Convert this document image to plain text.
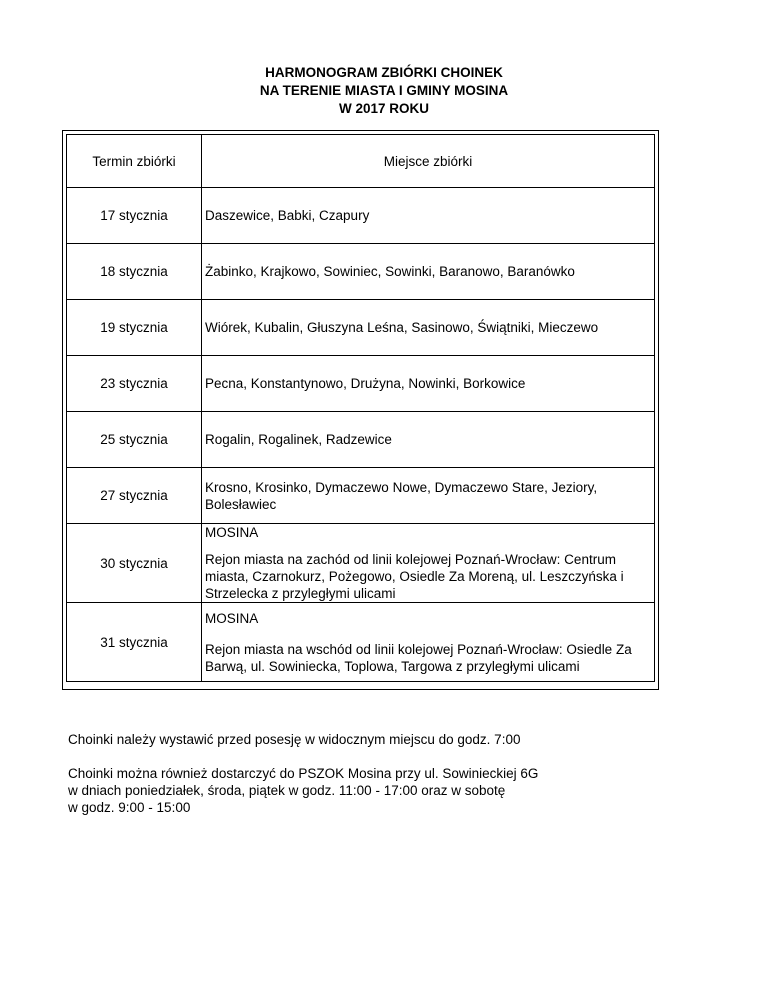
HARMONOGRAM ZBIÓRKI CHOINEK
NA TERENIE MIASTA I GMINY MOSINA
W 2017 ROKU
Termin zbiórki	Miejsce zbiórki
17 stycznia	Daszewice, Babki, Czapury
18 stycznia	Żabinko, Krajkowo, Sowiniec, Sowinki, Baranowo, Baranówko
19 stycznia	Wiórek, Kubalin, Głuszyna Leśna, Sasinowo, Świątniki, Mieczewo
23 stycznia	Pecna, Konstantynowo, Drużyna, Nowinki, Borkowice
25 stycznia	Rogalin, Rogalinek, Radzewice
27 stycznia	Krosno, Krosinko, Dymaczewo Nowe, Dymaczewo Stare, Jeziory, Bolesławiec
30 stycznia	MOSINA
Rejon miasta na zachód od linii kolejowej Poznań-Wrocław: Centrum miasta, Czarnokurz, Pożegowo, Osiedle Za Moreną, ul. Leszczyńska i Strzelecka z przyległymi ulicami

31 stycznia	MOSINA
Rejon miasta na wschód od linii kolejowej Poznań-Wrocław: Osiedle Za Barwą, ul. Sowiniecka, Toplowa, Targowa z przyległymi ulicami
Choinki należy wystawić przed posesję w widocznym miejscu do godz. 7:00
Choinki można również dostarczyć do PSZOK Mosina przy ul. Sowinieckiej 6G
w dniach poniedziałek, środa, piątek w godz. 11:00 - 17:00 oraz w sobotę
w godz. 9:00 - 15:00
